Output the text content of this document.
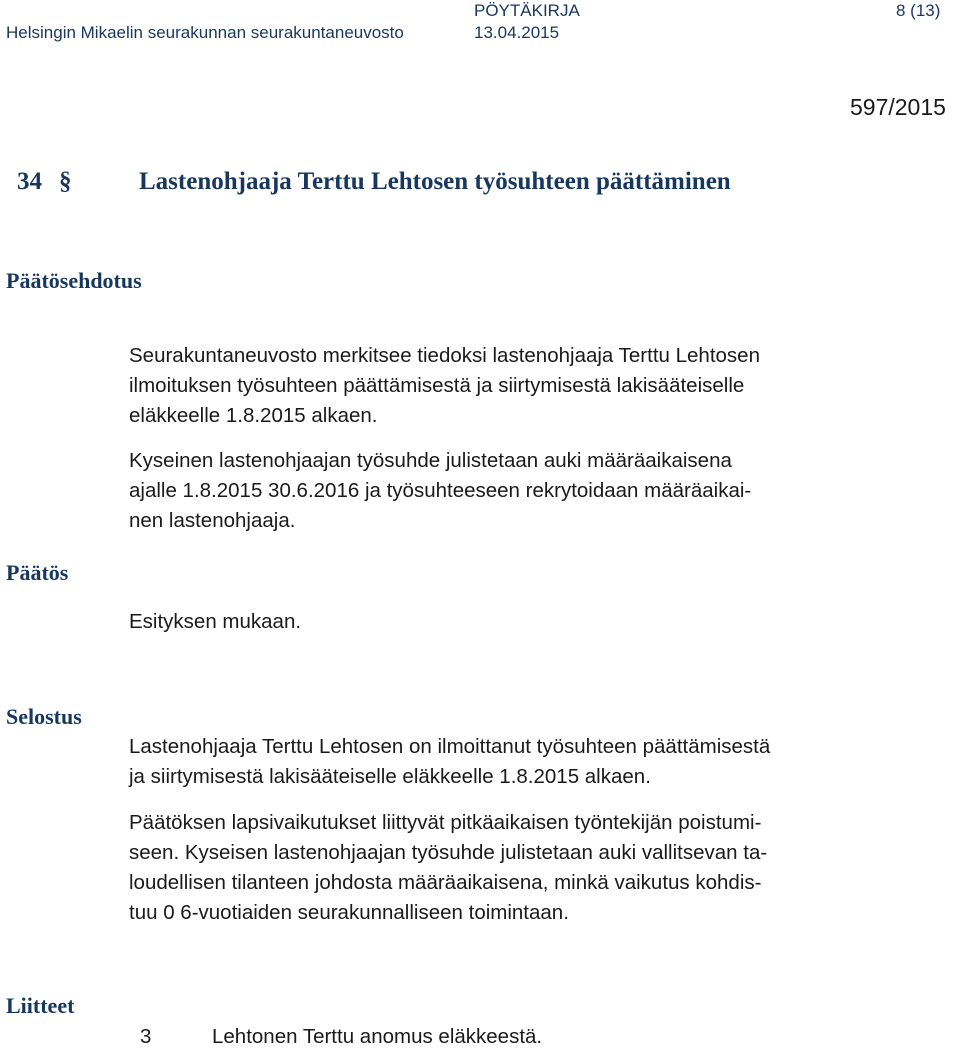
Helsingin Mikaelin seurakunnan seurakuntaneuvosto
PÖYTÄKIRJA
13.04.2015
8 (13)
597/2015
34 §	Lastenohjaaja Terttu Lehtosen työsuhteen päättäminen
Päätösehdotus
Seurakuntaneuvosto merkitsee tiedoksi lastenohjaaja Terttu Lehtosen
ilmoituksen työsuhteen päättämisestä ja siirtymisestä lakisääteiselle
eläkkeelle 1.8.2015 alkaen.
Kyseinen lastenohjaajan työsuhde julistetaan auki määräaikaisena
ajalle 1.8.2015 30.6.2016 ja työsuhteeseen rekrytoidaan määräaikai-
nen lastenohjaaja.
Päätös
Esityksen mukaan.
Selostus
Lastenohjaaja Terttu Lehtosen on ilmoittanut työsuhteen päättämisestä
ja siirtymisestä lakisääteiselle eläkkeelle 1.8.2015 alkaen.
Päätöksen lapsivaikutukset liittyvät pitkäaikaisen työntekijän poistumi-
seen. Kyseisen lastenohjaajan työsuhde julistetaan auki vallitsevan ta-
loudellisen tilanteen johdosta määräaikaisena, minkä vaikutus kohdis-
tuu 0 6-vuotiaiden seurakunnalliseen toimintaan.
Liitteet
3	Lehtonen Terttu anomus eläkkeestä.
